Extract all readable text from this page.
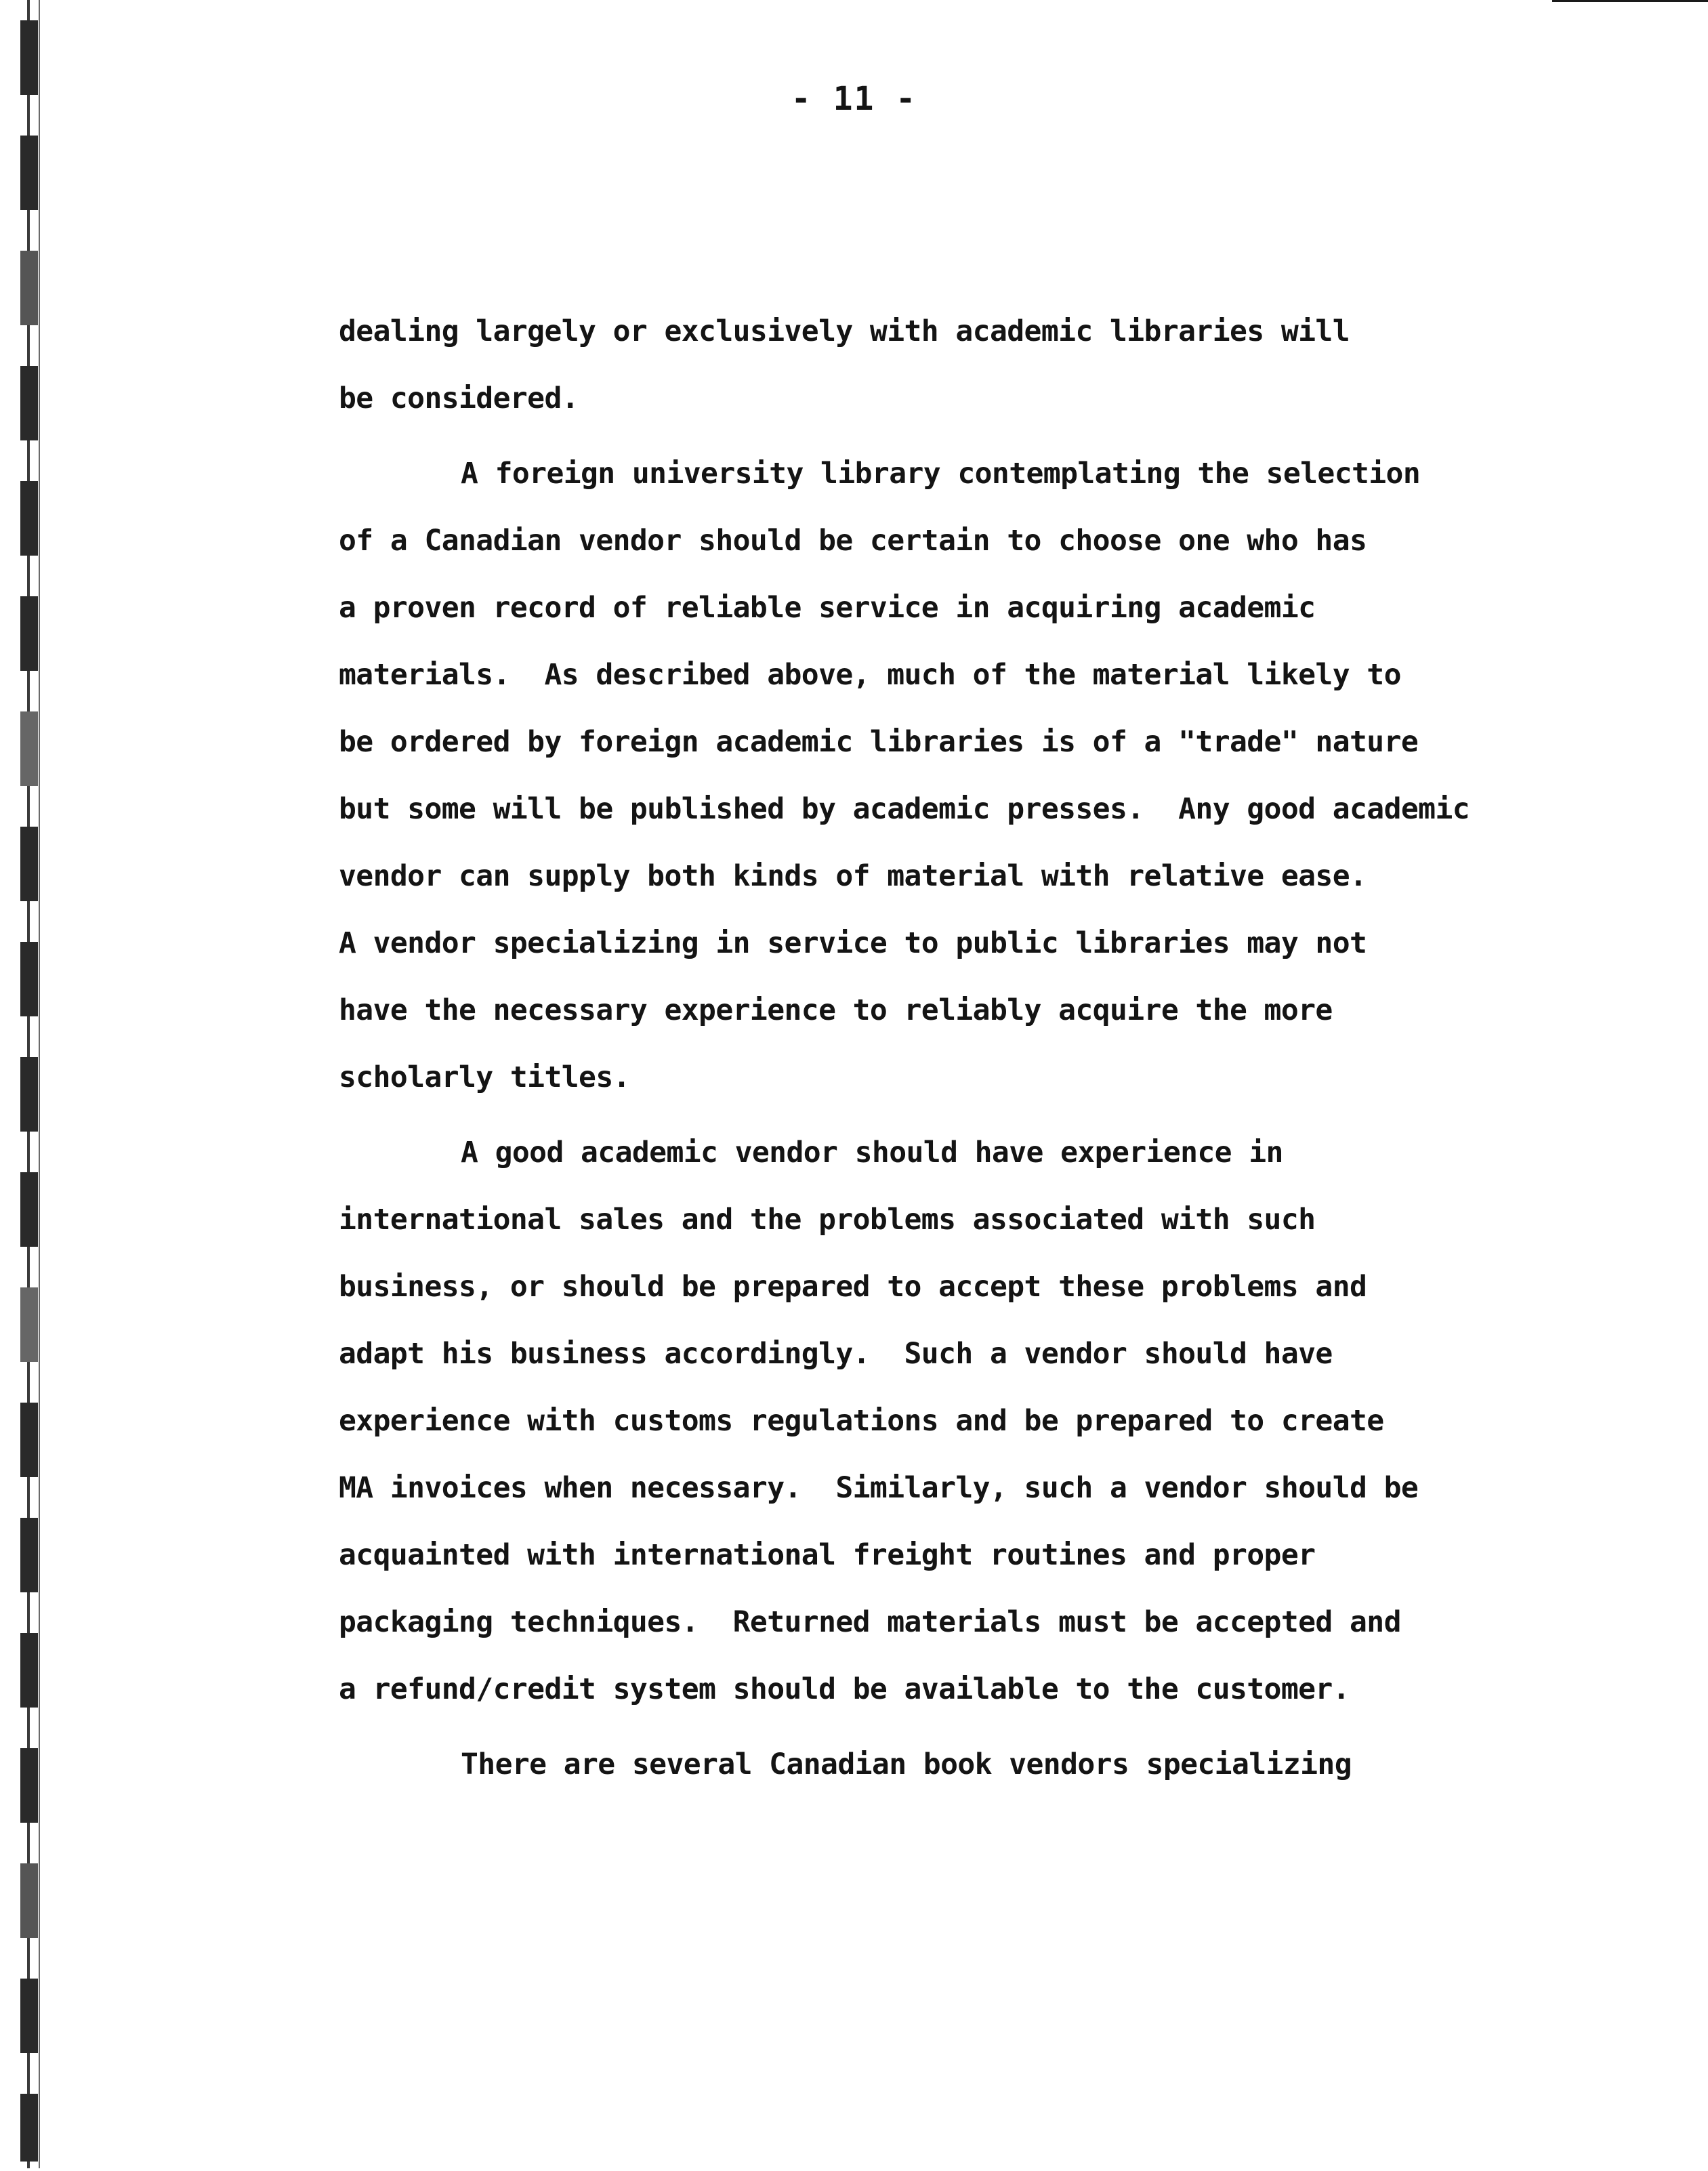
- 11 -
dealing largely or exclusively with academic libraries will
be considered.
A foreign university library contemplating the selection
of a Canadian vendor should be certain to choose one who has
a proven record of reliable service in acquiring academic
materials.  As described above, much of the material likely to
be ordered by foreign academic libraries is of a "trade" nature
but some will be published by academic presses.  Any good academic
vendor can supply both kinds of material with relative ease.
A vendor specializing in service to public libraries may not
have the necessary experience to reliably acquire the more
scholarly titles.
A good academic vendor should have experience in
international sales and the problems associated with such
business, or should be prepared to accept these problems and
adapt his business accordingly.  Such a vendor should have
experience with customs regulations and be prepared to create
MA invoices when necessary.  Similarly, such a vendor should be
acquainted with international freight routines and proper
packaging techniques.  Returned materials must be accepted and
a refund/credit system should be available to the customer.
There are several Canadian book vendors specializing
